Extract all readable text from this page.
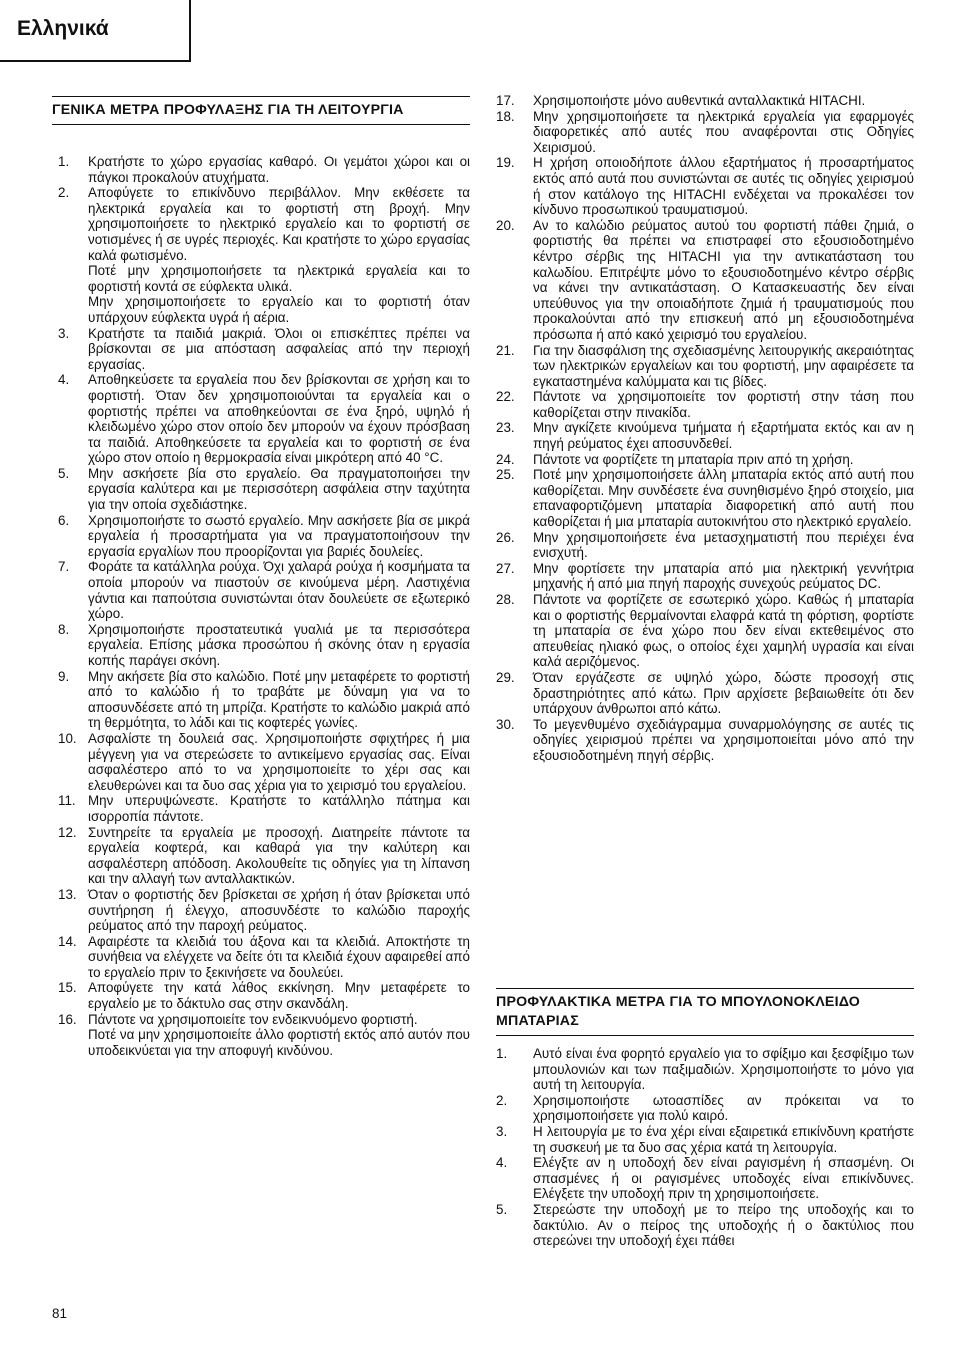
Ελληνικά
ΓΕΝΙΚΑ ΜΕΤΡΑ ΠΡΟΦΥΛΑΞΗΣ ΓΙΑ ΤΗ ΛΕΙΤΟΥΡΓΙΑ
1.	Κρατήστε το χώρο εργασίας καθαρό. Οι γεμάτοι χώροι και οι πάγκοι προκαλούν ατυχήματα.
2.	Αποφύγετε το επικίνδυνο περιβάλλον. Μην εκθέσετε τα ηλεκτρικά εργαλεία και το φορτιστή στη βροχή. Μην χρησιμοποιήσετε το ηλεκτρικό εργαλείο και το φορτιστή σε νοτισμένες ή σε υγρές περιοχές. Και κρατήστε το χώρο εργασίας καλά φωτισμένο.
Ποτέ μην χρησιμοποιήσετε τα ηλεκτρικά εργαλεία και το φορτιστή κοντά σε εύφλεκτα υλικά.
Μην χρησιμοποιήσετε το εργαλείο και το φορτιστή όταν υπάρχουν εύφλεκτα υγρά ή αέρια.
3.	Κρατήστε τα παιδιά μακριά. Όλοι οι επισκέπτες πρέπει να βρίσκονται σε μια απόσταση ασφαλείας από την περιοχή εργασίας.
4.	Αποθηκεύσετε τα εργαλεία που δεν βρίσκονται σε χρήση και το φορτιστή. Όταν δεν χρησιμοποιούνται τα εργαλεία και ο φορτιστής πρέπει να αποθηκεύονται σε ένα ξηρό, υψηλό ή κλειδωμένο χώρο στον οποίο δεν μπορούν να έχουν πρόσβαση τα παιδιά. Αποθηκεύσετε τα εργαλεία και το φορτιστή σε ένα χώρο στον οποίο η θερμοκρασία είναι μικρότερη από 40 °C.
5.	Μην ασκήσετε βία στο εργαλείο. Θα πραγματοποιήσει την εργασία καλύτερα και με περισσότερη ασφάλεια στην ταχύτητα για την οποία σχεδιάστηκε.
6.	Χρησιμοποιήστε το σωστό εργαλείο. Μην ασκήσετε βία σε μικρά εργαλεία ή προσαρτήματα για να πραγματοποιήσουν την εργασία εργαλίων που προορίζονται για βαριές δουλείες.
7.	Φοράτε τα κατάλληλα ρούχα. Όχι χαλαρά ρούχα ή κοσμήματα τα οποία μπορούν να πιαστούν σε κινούμενα μέρη. Λαστιχένια γάντια και παπούτσια συνιστώνται όταν δουλεύετε σε εξωτερικό χώρο.
8.	Χρησιμοποιήστε προστατευτικά γυαλιά με τα περισσότερα εργαλεία. Επίσης μάσκα προσώπου ή σκόνης όταν η εργασία κοπής παράγει σκόνη.
9.	Μην ακήσετε βία στο καλώδιο. Ποτέ μην μεταφέρετε το φορτιστή από το καλώδιο ή το τραβάτε με δύναμη για να το αποσυνδέσετε από τη μπρίζα. Κρατήστε το καλώδιο μακριά από τη θερμότητα, το λάδι και τις κοφτερές γωνίες.
10. Ασφαλίστε τη δουλειά σας. Χρησιμοποιήστε σφιχτήρες ή μια μέγγενη για να στερεώσετε το αντικείμενο εργασίας σας. Είναι ασφαλέστερο από το να χρησιμοποιείτε το χέρι σας και ελευθερώνει και τα δυο σας χέρια για το χειρισμό του εργαλείου.
11. Μην υπερυψώνεστε. Κρατήστε το κατάλληλο πάτημα και ισορροπία πάντοτε.
12. Συντηρείτε τα εργαλεία με προσοχή. Διατηρείτε πάντοτε τα εργαλεία κοφτερά, και καθαρά για την καλύτερη και ασφαλέστερη απόδοση. Ακολουθείτε τις οδηγίες για τη λίπανση και την αλλαγή των ανταλλακτικών.
13. Όταν ο φορτιστής δεν βρίσκεται σε χρήση ή όταν βρίσκεται υπό συντήρηση ή έλεγχο, αποσυνδέστε το καλώδιο παροχής ρεύματος από την παροχή ρεύματος.
14. Αφαιρέστε τα κλειδιά του άξονα και τα κλειδιά. Αποκτήστε τη συνήθεια να ελέγχετε να δείτε ότι τα κλειδιά έχουν αφαιρεθεί από το εργαλείο πριν το ξεκινήσετε να δουλεύει.
15. Αποφύγετε την κατά λάθος εκκίνηση. Μην μεταφέρετε το εργαλείο με το δάκτυλο σας στην σκανδάλη.
16. Πάντοτε να χρησιμοποιείτε τον ενδεικνυόμενο φορτιστή.
Ποτέ να μην χρησιμοποιείτε άλλο φορτιστή εκτός από αυτόν που υποδεικνύεται για την αποφυγή κινδύνου.
17.	Χρησιμοποιήστε μόνο αυθεντικά ανταλλακτικά HITACHI.
18.	Μην χρησιμοποιήσετε τα ηλεκτρικά εργαλεία για εφαρμογές διαφορετικές από αυτές που αναφέρονται στις Οδηγίες Χειρισμού.
19.	Η χρήση οποιοδήποτε άλλου εξαρτήματος ή προσαρτήματος εκτός από αυτά που συνιστώνται σε αυτές τις οδηγίες χειρισμού ή στον κατάλογο της HITACHI ενδέχεται να προκαλέσει τον κίνδυνο προσωπικού τραυματισμού.
20.	Αν το καλώδιο ρεύματος αυτού του φορτιστή πάθει ζημιά, ο φορτιστής θα πρέπει να επιστραφεί στο εξουσιοδοτημένο κέντρο σέρβις της HITACHI για την αντικατάσταση του καλωδίου. Επιτρέψτε μόνο το εξουσιοδοτημένο κέντρο σέρβις να κάνει την αντικατάσταση. Ο Κατασκευαστής δεν είναι υπεύθυνος για την οποιαδήποτε ζημιά ή τραυματισμούς που προκαλούνται από την επισκευή από μη εξουσιοδοτημένα πρόσωπα ή από κακό χειρισμό του εργαλείου.
21.	Για την διασφάλιση της σχεδιασμένης λειτουργικής ακεραιότητας των ηλεκτρικών εργαλείων και του φορτιστή, μην αφαιρέσετε τα εγκαταστημένα καλύμματα και τις βίδες.
22.	Πάντοτε να χρησιμοποιείτε τον φορτιστή στην τάση που καθορίζεται στην πινακίδα.
23.	Μην αγκίζετε κινούμενα τμήματα ή εξαρτήματα εκτός και αν η πηγή ρεύματος έχει αποσυνδεθεί.
24.	Πάντοτε να φορτίζετε τη μπαταρία πριν από τη χρήση.
25.	Ποτέ μην χρησιμοποιήσετε άλλη μπαταρία εκτός από αυτή που καθορίζεται. Μην συνδέσετε ένα συνηθισμένο ξηρό στοιχείο, μια επαναφορτιζόμενη μπαταρία διαφορετική από αυτή που καθορίζεται ή μια μπαταρία αυτοκινήτου στο ηλεκτρικό εργαλείο.
26.	Μην χρησιμοποιήσετε ένα μετασχηματιστή που περιέχει ένα ενισχυτή.
27.	Μην φορτίσετε την μπαταρία από μια ηλεκτρική γεννήτρια μηχανής ή από μια πηγή παροχής συνεχούς ρεύματος DC.
28.	Πάντοτε να φορτίζετε σε εσωτερικό χώρο. Καθώς ή μπαταρία και ο φορτιστής θερμαίνονται ελαφρά κατά τη φόρτιση, φορτίστε τη μπαταρία σε ένα χώρο που δεν είναι εκτεθειμένος στο απευθείας ηλιακό φως, ο οποίος έχει χαμηλή υγρασία και είναι καλά αεριζόμενος.
29.	Όταν εργάζεστε σε υψηλό χώρο, δώστε προσοχή στις δραστηριότητες από κάτω. Πριν αρχίσετε βεβαιωθείτε ότι δεν υπάρχουν άνθρωποι από κάτω.
30.	Το μεγενθυμένο σχεδιάγραμμα συναρμολόγησης σε αυτές τις οδηγίες χειρισμού πρέπει να χρησιμοποιείται μόνο από την εξουσιοδοτημένη πηγή σέρβις.
ΠΡΟΦΥΛΑΚΤΙΚΑ ΜΕΤΡΑ ΓΙΑ ΤΟ ΜΠΟΥΛΟΝΟΚΛΕΙΔΟ ΜΠΑΤΑΡΙΑΣ
1.	Αυτό είναι ένα φορητό εργαλείο για το σφίξιμο και ξεσφίξιμο των μπουλονιών και των παξιμαδιών. Χρησιμοποιήστε το μόνο για αυτή τη λειτουργία.
2.	Χρησιμοποιήστε ωτοασπίδες αν πρόκειται να το χρησιμοποιήσετε για πολύ καιρό.
3.	Η λειτουργία με το ένα χέρι είναι εξαιρετικά επικίνδυνη κρατήστε τη συσκευή με τα δυο σας χέρια κατά τη λειτουργία.
4.	Ελέγξτε αν η υποδοχή δεν είναι ραγισμένη ή σπασμένη. Οι σπασμένες ή οι ραγισμένες υποδοχές είναι επικίνδυνες. Ελέγξετε την υποδοχή πριν τη χρησιμοποιήσετε.
5.	Στερεώστε την υποδοχή με το πείρο της υποδοχής και το δακτύλιο. Αν ο πείρος της υποδοχής ή ο δακτύλιος που στερεώνει την υποδοχή έχει πάθει
81
